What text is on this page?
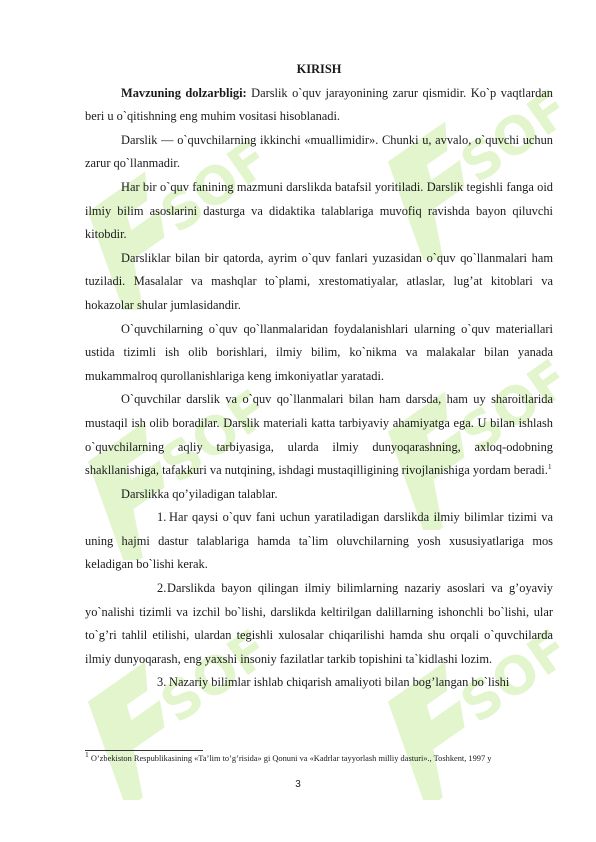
SOF	SOF
SOF	SOF
SOF	SOF
KIRISH

Mavzuning dolzarbligi: Darslik o`quv jarayonining zarur qismidir. Ko`p vaqtlardan beri u o`qitishning eng muhim vositasi hisoblanadi.

Darslik — o`quvchilarning ikkinchi «muallimidir». Chunki u, avvalo, o`quvchi uchun zarur qo`llanmadir.

Har bir o`quv fanining mazmuni darslikda batafsil yoritiladi. Darslik tegishli fanga oid ilmiy bilim asoslarini dasturga va didaktika talablariga muvofiq ravishda bayon qiluvchi kitobdir.

Darsliklar bilan bir qatorda, ayrim o`quv fanlari yuzasidan o`quv qo`llanmalari ham tuziladi. Masalalar va mashqlar to`plami, xrestomatiyalar, atlaslar, lug’at kitoblari va hokazolar shular jumlasidandir.

O`quvchilarning o`quv qo`llanmalaridan foydalanishlari ularning o`quv materiallari ustida tizimli ish olib borishlari, ilmiy bilim, ko`nikma va malakalar bilan yanada mukammalroq qurollanishlariga keng imkoniyatlar yaratadi.

O`quvchilar darslik va o`quv qo`llanmalari bilan ham darsda, ham uy sharoitlarida mustaqil ish olib boradilar. Darslik materiali katta tarbiyaviy ahamiyatga ega. U bilan ishlash o`quvchilarning aqliy tarbiyasiga, ularda ilmiy dunyoqarashning, axloq-odobning shakllanishiga, tafakkuri va nutqining, ishdagi mustaqilligining rivojlanishiga yordam beradi.$^1$

Darslikka qo’yiladigan talablar.

1. Har qaysi o`quv fani uchun yaratiladigan darslikda ilmiy bilimlar tizimi va uning hajmi dastur talablariga hamda ta`lim oluvchilarning yosh xususiyatlariga mos keladigan bo`lishi kerak.

2.Darslikda bayon qilingan ilmiy bilimlarning nazariy asoslari va g’oyaviy yo`nalishi tizimli va izchil bo`lishi, darslikda keltirilgan dalillarning ishonchli bo`lishi, ular to`g’ri tahlil etilishi, ulardan tegishli xulosalar chiqarilishi hamda shu orqali o`quvchilarda ilmiy dunyoqarash, eng yaxshi insoniy fazilatlar tarkib topishini ta`kidlashi lozim.

3. Nazariy bilimlar ishlab chiqarish amaliyoti bilan bog’langan bo`lishi

$^1$ O’zbekiston Respublikasining «Ta’lim to’g’risida» gi Qonuni va «Kadrlar tayyorlash milliy dasturi»., Toshkent, 1997 y
3
